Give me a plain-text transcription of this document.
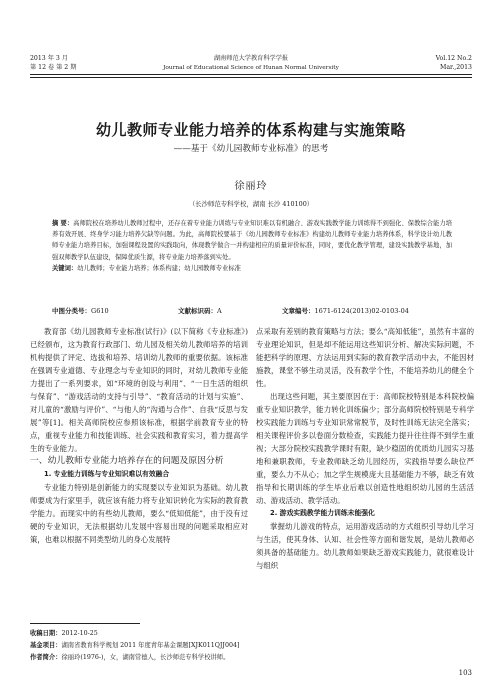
2013 年 3 月
第 12 卷 第 2 期
湖南师范大学教育科学学报
Journal of Educational Science of Hunan Normal University
Vol.12 No.2
Mar.,2013
幼儿教师专业能力培养的体系构建与实施策略
——基于《幼儿园教师专业标准》的思考
徐丽玲
（长沙师范专科学校，湖南 长沙 410100）
摘 要：高师院校在培养幼儿教师过程中，还存在着专业能力训练与专业知识难以有机融合、游戏实践教学能力训练得不到强化、保教综合能力培养有效开展、终身学习能力培养欠缺等问题。为此，高师院校要基于《幼儿园教师专业标准》构建幼儿教师专业能力培养体系，科学设计幼儿教师专业能力培养目标，加强课程设置的实践取向，体现教学做合一并构建相应的质量评价标准，同时，要优化教学管理，建设实践教学基地，加强双师教学队伍建设，保障优质生源，将专业能力培养落到实处。
关键词：幼儿教师；专业能力培养；体系构建；幼儿园教师专业标准
中图分类号：G610	文献标识码：A	文章编号：1671-6124(2013)02-0103-04

教育部《幼儿园教师专业标准(试行)》(以下简称《专业标准》)已经颁布，这为教育行政部门、幼儿园及相关幼儿教师培养的培训机构提供了评定、选拔和培养、培训幼儿教师的重要依据。该标准在强调专业道德、专业理念与专业知识的同时，对幼儿教师专业能力提出了一系列要求，如“环境的创设与利用”、“一日生活的组织与保育”、“游戏活动的支持与引导”、“教育活动的计划与实施”、对儿童的“激励与评价”、“与他人的“沟通与合作”、自我“反思与发展”等[1]。相关高师院校应参照该标准，根据学前教育专业的特点，重视专业能力和技能训练、社会实践和教育实习，着力提高学生的专业能力。

一、幼儿教师专业能力培养存在的问题及原因分析

1. 专业能力训练与专业知识难以有效融合

专业能力特别是创新能力的实现要以专业知识为基础。幼儿教师要成为行家里手，就应该有能力将专业知识转化为实际的教育教学能力。而现实中的有些幼儿教师，要么“低知低能”，由于没有过硬的专业知识，无法根据幼儿发展中容易出现的问题采取相应对策，也难以根据不同类型幼儿的身心发展特

点采取有差别的教育策略与方法；要么“高知低能”，虽然有丰富的专业理论知识，但是却不能运用这些知识分析、解决实际问题，不能把科学的原理、方法运用到实际的教育教学活动中去，不能因材施教，课堂不够生动灵活，没有教学个性，不能培养幼儿的健全个性。

出现这些问题，其主要原因在于：高师院校特别是本科院校偏重专业知识教学，能力转化训练偏少；部分高师院校特别是专科学校实践能力训练与专业知识常常脱节，及时性训练无法完全落实；相关课程评价多以卷面分数检查，实践能力提升往往得不到学生重视；大部分院校实践教学课时有限，缺少稳固的优质幼儿园实习基地和兼职教师，专业教师缺乏幼儿园经历，实践指导要么缺位严重，要么力不从心；加之学生规模庞大且基础能力不够，缺乏有效指导和长期训练的学生毕业后难以创造性地组织幼儿园的生活活动、游戏活动、教学活动。

2. 游戏实践教学能力训练未能强化

掌握幼儿游戏的特点，运用游戏活动的方式组织引导幼儿学习与生活，使其身体、认知、社会性等方面和谐发展，是幼儿教师必须具备的基础能力。幼儿教师如果缺乏游戏实践能力，就很难设计与组织

收稿日期：2012-10-25
基金项目：湖南省教育科学规划 2011 年度青年基金课题[XJK011QJJ004]
作者简介：徐丽玲(1976-)，女，湖南常德人，长沙师范专科学校讲师。
103
